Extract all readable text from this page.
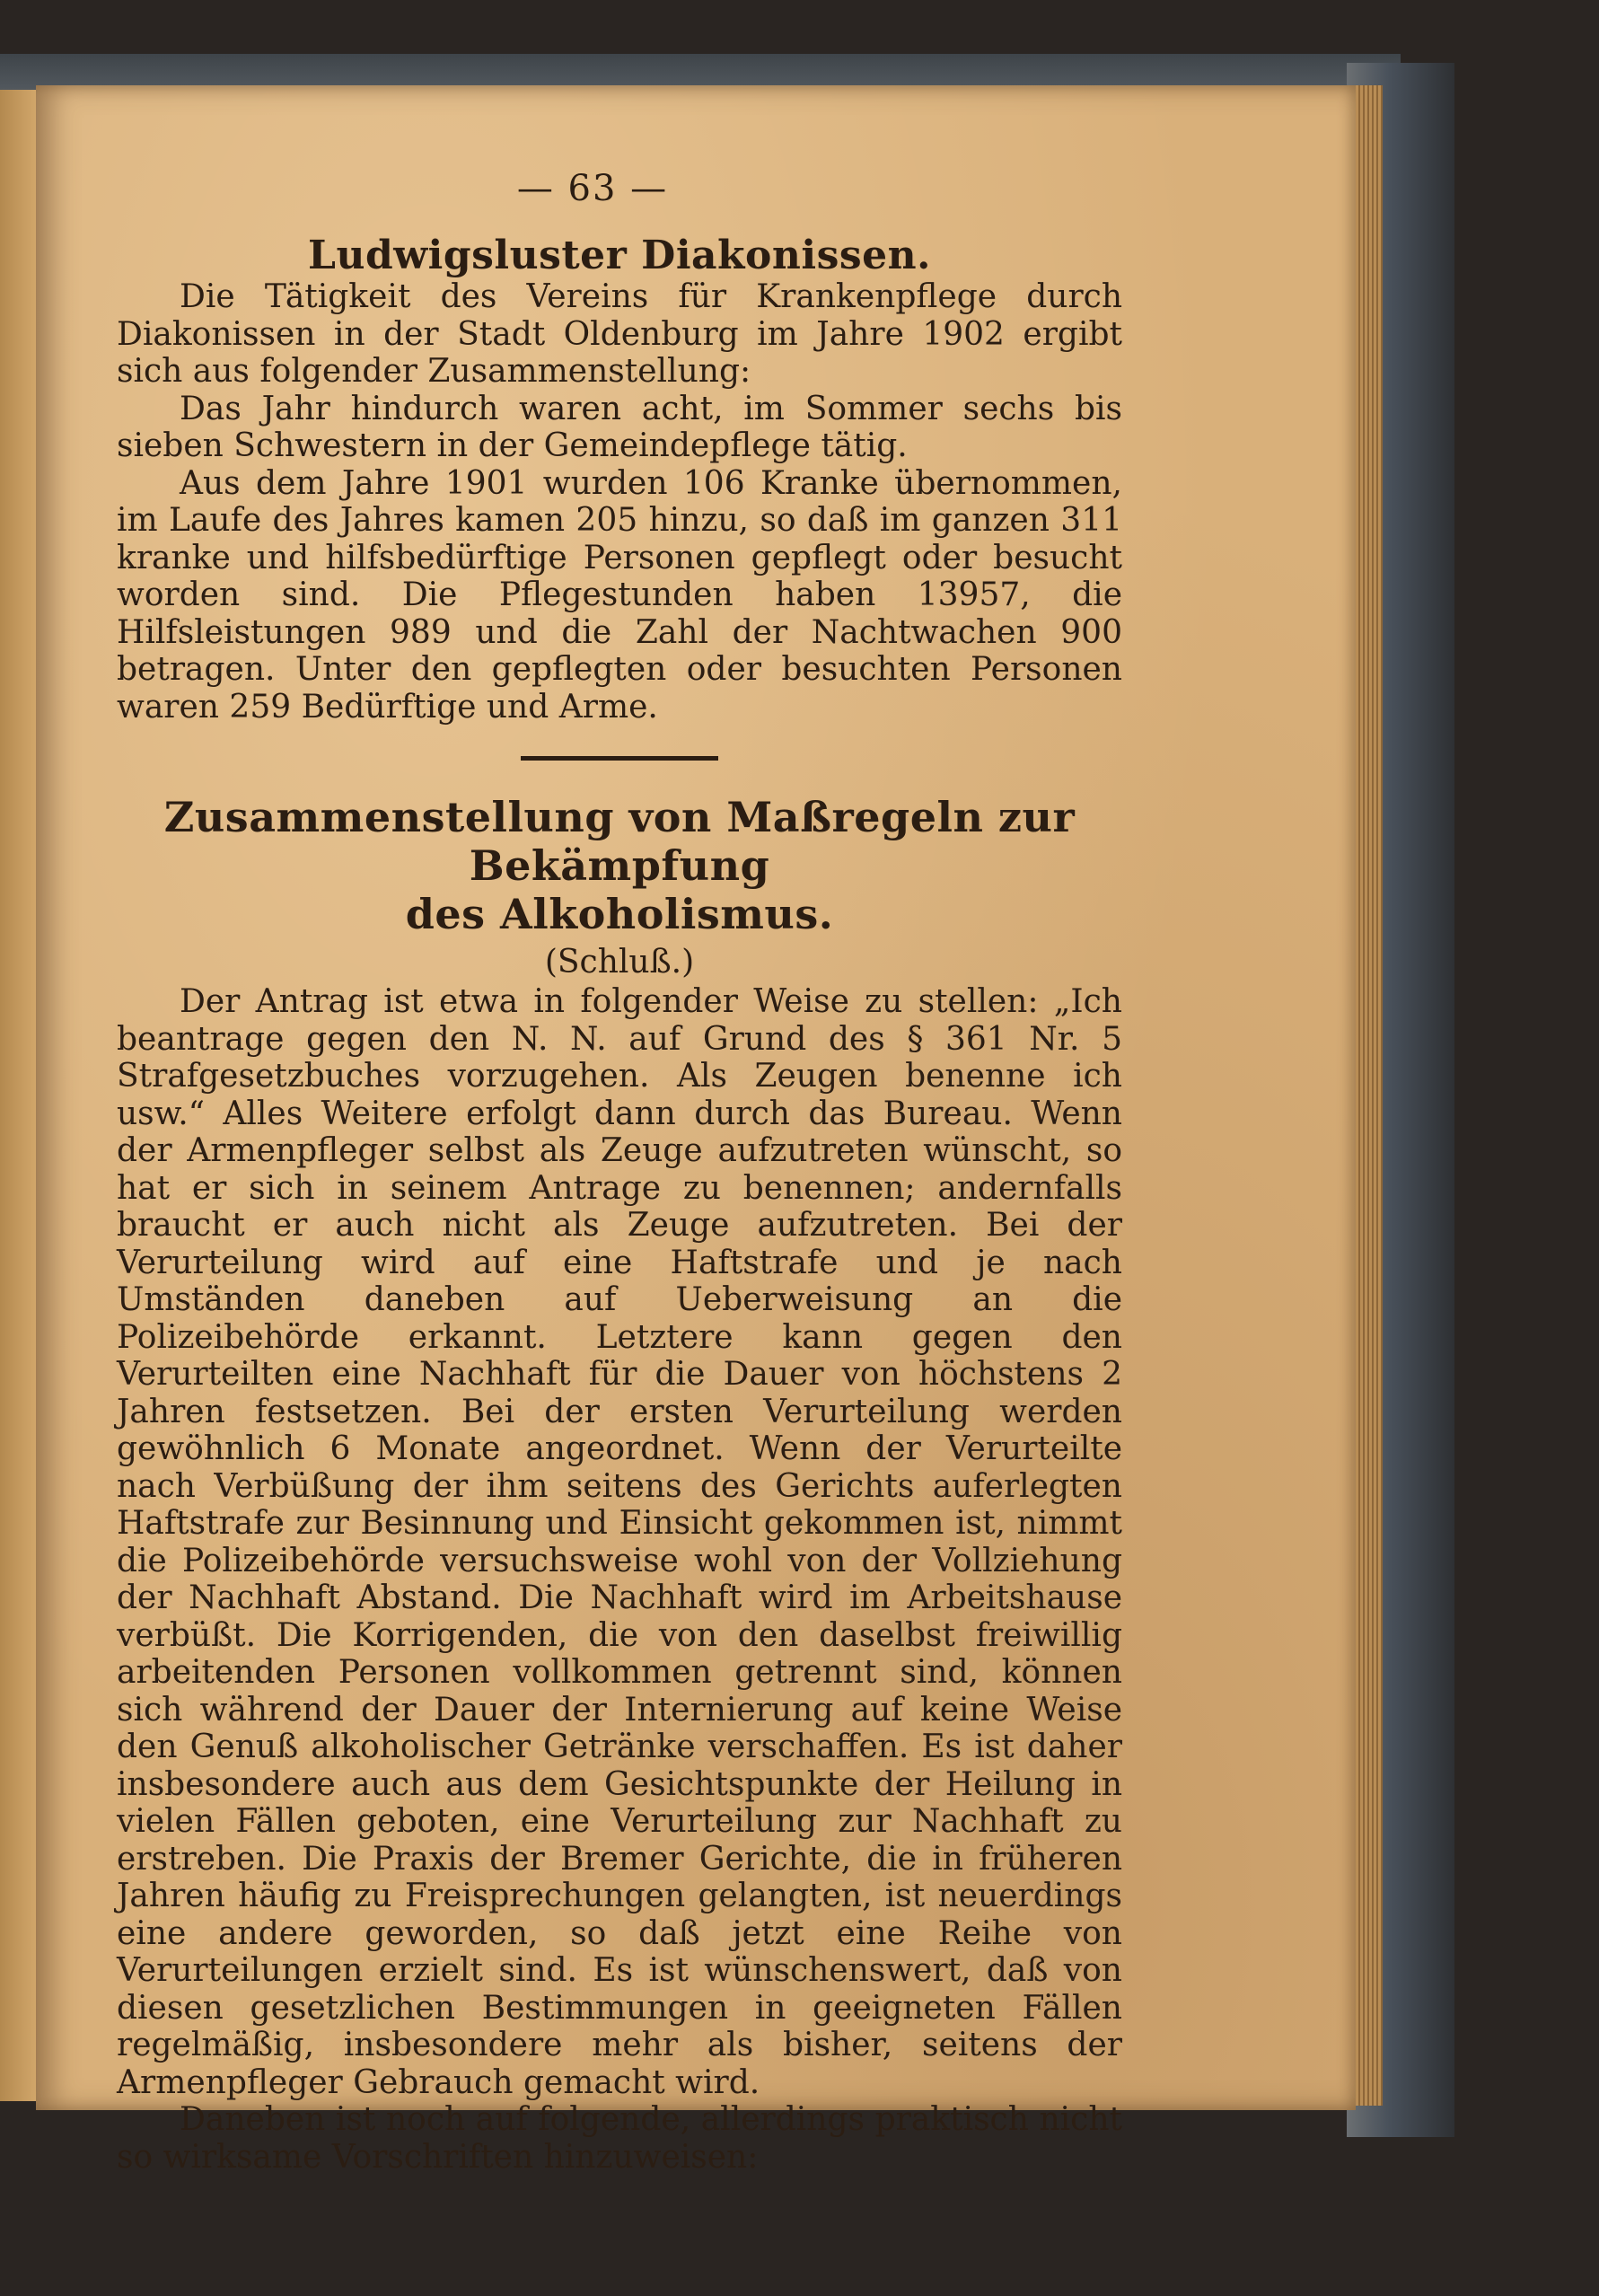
— 63 —
Ludwigsluster Diakonissen.

Die Tätigkeit des Vereins für Krankenpflege durch Diakonissen in der Stadt Oldenburg im Jahre 1902 ergibt sich aus folgender Zusammenstellung:

Das Jahr hindurch waren acht, im Sommer sechs bis sieben Schwestern in der Gemeindepflege tätig.

Aus dem Jahre 1901 wurden 106 Kranke übernommen, im Laufe des Jahres kamen 205 hinzu, so daß im ganzen 311 kranke und hilfsbedürftige Personen gepflegt oder besucht worden sind. Die Pflegestunden haben 13957, die Hilfsleistungen 989 und die Zahl der Nachtwachen 900 betragen. Unter den gepflegten oder besuchten Personen waren 259 Bedürftige und Arme.

Zusammenstellung von Maßregeln zur Bekämpfung
des Alkoholismus.
(Schluß.)

Der Antrag ist etwa in folgender Weise zu stellen: „Ich beantrage gegen den N. N. auf Grund des § 361 Nr. 5 Strafgesetzbuches vorzugehen. Als Zeugen benenne ich usw.“ Alles Weitere erfolgt dann durch das Bureau. Wenn der Armenpfleger selbst als Zeuge aufzutreten wünscht, so hat er sich in seinem Antrage zu benennen; andernfalls braucht er auch nicht als Zeuge aufzutreten. Bei der Verurteilung wird auf eine Haftstrafe und je nach Umständen daneben auf Ueberweisung an die Polizeibehörde erkannt. Letztere kann gegen den Verurteilten eine Nachhaft für die Dauer von höchstens 2 Jahren festsetzen. Bei der ersten Verurteilung werden gewöhnlich 6 Monate angeordnet. Wenn der Verurteilte nach Verbüßung der ihm seitens des Gerichts auferlegten Haftstrafe zur Besinnung und Einsicht gekommen ist, nimmt die Polizeibehörde versuchsweise wohl von der Vollziehung der Nachhaft Abstand. Die Nachhaft wird im Arbeitshause verbüßt. Die Korrigenden, die von den daselbst freiwillig arbeitenden Personen vollkommen getrennt sind, können sich während der Dauer der Internierung auf keine Weise den Genuß alkoholischer Getränke verschaffen. Es ist daher insbesondere auch aus dem Gesichtspunkte der Heilung in vielen Fällen geboten, eine Verurteilung zur Nachhaft zu erstreben. Die Praxis der Bremer Gerichte, die in früheren Jahren häufig zu Freisprechungen gelangten, ist neuerdings eine andere geworden, so daß jetzt eine Reihe von Verurteilungen erzielt sind. Es ist wünschenswert, daß von diesen gesetzlichen Bestimmungen in geeigneten Fällen regelmäßig, insbesondere mehr als bisher, seitens der Armenpfleger Gebrauch gemacht wird.

Daneben ist noch auf folgende, allerdings praktisch nicht so wirksame Vorschriften hinzuweisen:
